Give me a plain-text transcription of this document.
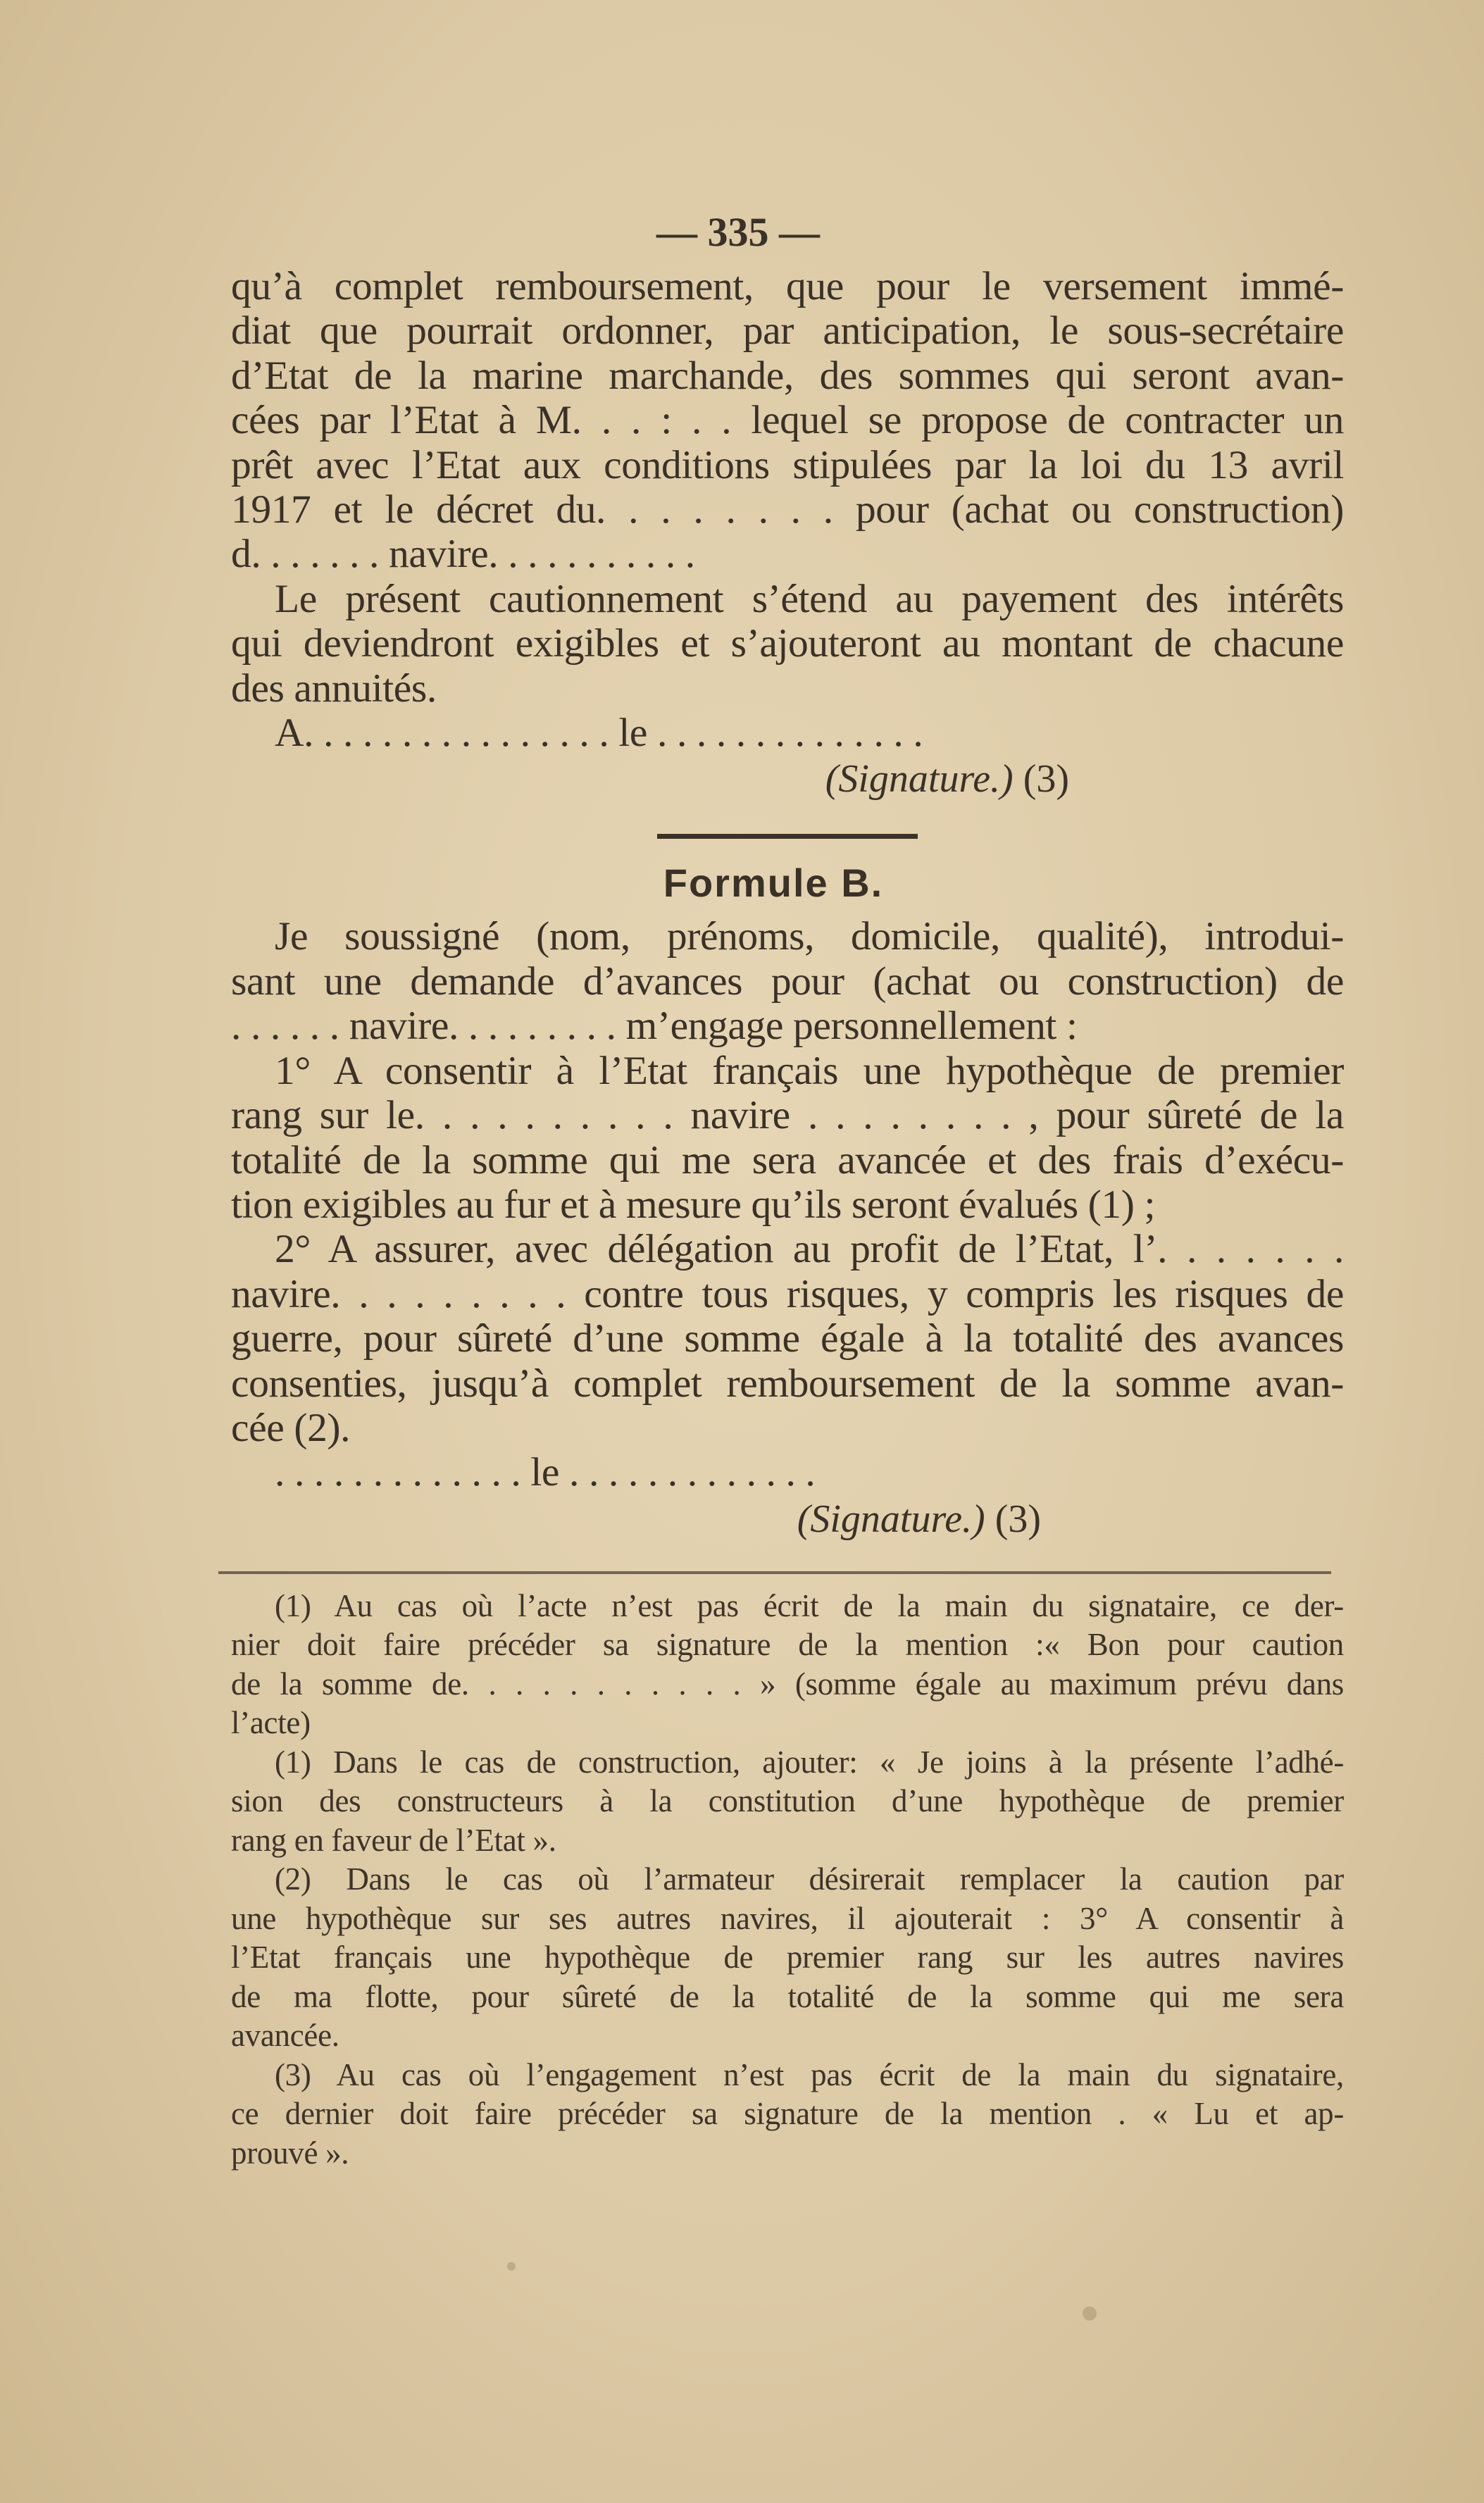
— 335 —
qu’à complet remboursement, que pour le versement immé-
diat que pourrait ordonner, par anticipation, le sous-secrétaire
d’Etat de la marine marchande, des sommes qui seront avan-
cées par l’Etat à M. . . : . . lequel se propose de contracter un
prêt avec l’Etat aux conditions stipulées par la loi du 13 avril
1917 et le décret du. . . . . . . . pour (achat ou construction)
d. . . . . . . navire. . . . . . . . . . .
Le présent cautionnement s’étend au payement des intérêts
qui deviendront exigibles et s’ajouteront au montant de chacune
des annuités.
A. . . . . . . . . . . . . . . . le . . . . . . . . . . . . . .
(Signature.) (3)
Formule B.
Je soussigné (nom, prénoms, domicile, qualité), introdui-
sant une demande d’avances pour (achat ou construction) de
. . . . . . navire. . . . . . . . . m’engage personnellement :
1° A consentir à l’Etat français une hypothèque de premier
rang sur le. . . . . . . . . . navire . . . . . . . . , pour sûreté de la
totalité de la somme qui me sera avancée et des frais d’exécu-
tion exigibles au fur et à mesure qu’ils seront évalués (1) ;
2° A assurer, avec délégation au profit de l’Etat, l’. . . . . . .
navire. . . . . . . . . contre tous risques, y compris les risques de
guerre, pour sûreté d’une somme égale à la totalité des avances
consenties, jusqu’à complet remboursement de la somme avan-
cée (2).
. . . . . . . . . . . . . le . . . . . . . . . . . . .
(Signature.) (3)
(1) Au cas où l’acte n’est pas écrit de la main du signataire, ce der-
nier doit faire précéder sa signature de la mention :« Bon pour caution
de la somme de. . . . . . . . . . . » (somme égale au maximum prévu dans
l’acte)
(1) Dans le cas de construction, ajouter: « Je joins à la présente l’adhé-
sion des constructeurs à la constitution d’une hypothèque de premier
rang en faveur de l’Etat ».
(2) Dans le cas où l’armateur désirerait remplacer la caution par
une hypothèque sur ses autres navires, il ajouterait : 3° A consentir à
l’Etat français une hypothèque de premier rang sur les autres navires
de ma flotte, pour sûreté de la totalité de la somme qui me sera
avancée.
(3) Au cas où l’engagement n’est pas écrit de la main du signataire,
ce dernier doit faire précéder sa signature de la mention . « Lu et ap-
prouvé ».
